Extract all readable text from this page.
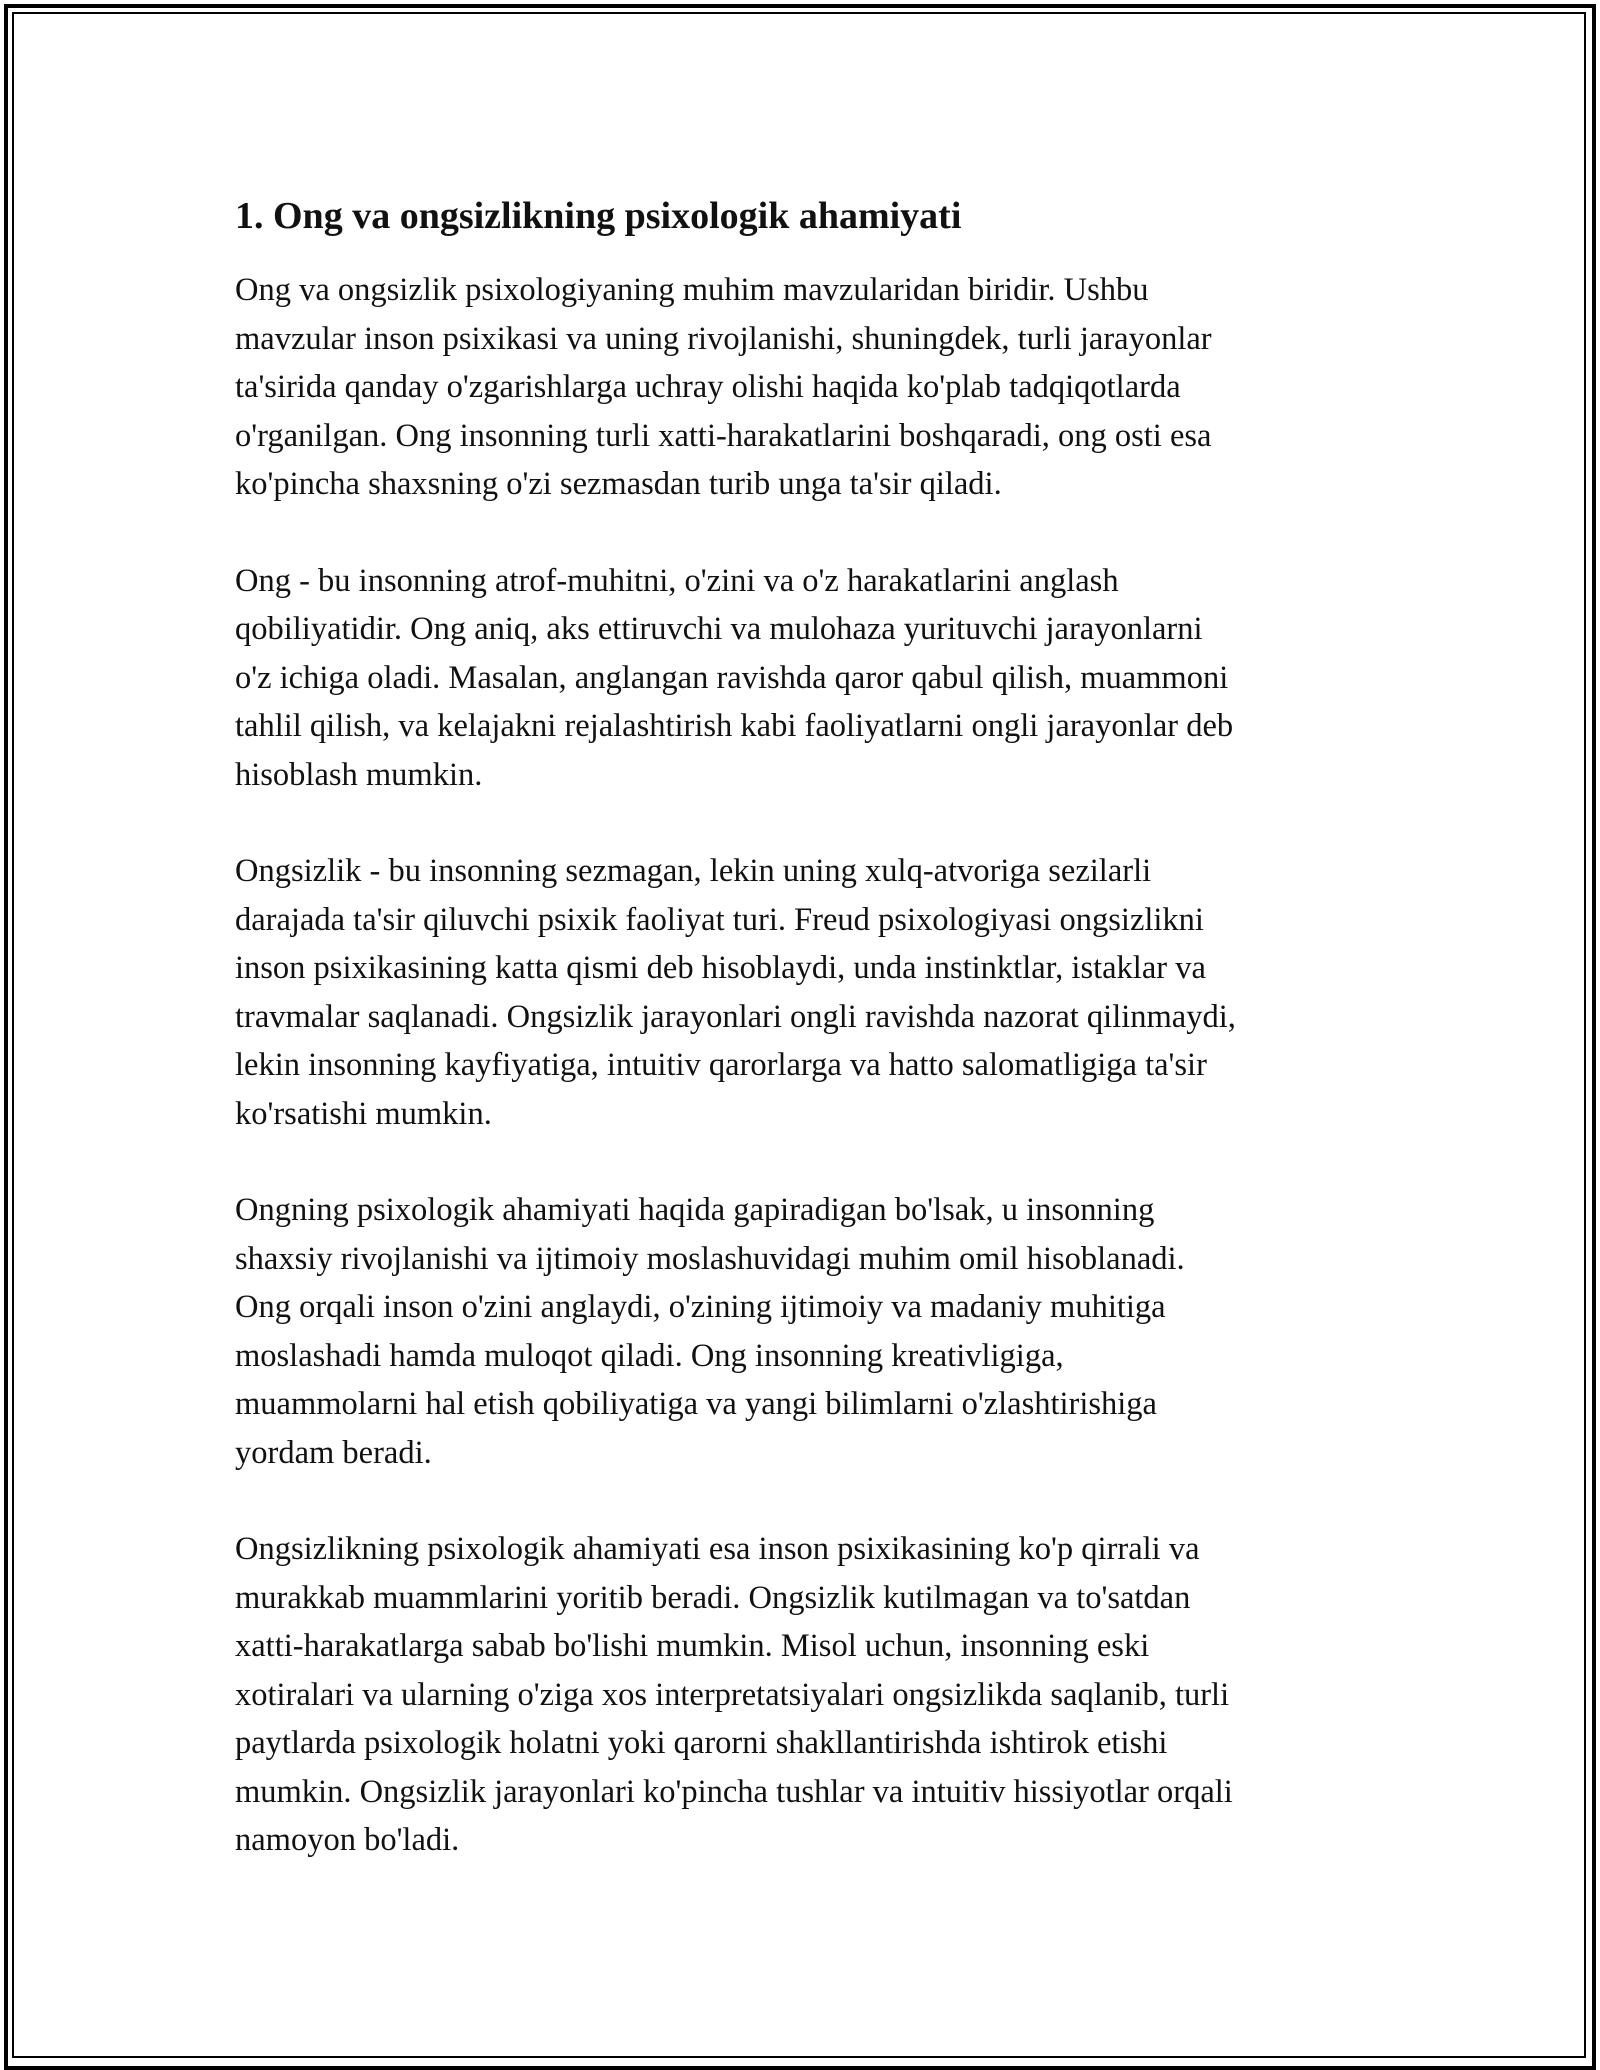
1. Ong va ongsizlikning psixologik ahamiyati

Ong va ongsizlik psixologiyaning muhim mavzularidan biridir. Ushbu
mavzular inson psixikasi va uning rivojlanishi, shuningdek, turli jarayonlar
ta'sirida qanday o'zgarishlarga uchray olishi haqida ko'plab tadqiqotlarda
o'rganilgan. Ong insonning turli xatti-harakatlarini boshqaradi, ong osti esa
ko'pincha shaxsning o'zi sezmasdan turib unga ta'sir qiladi.

Ong - bu insonning atrof-muhitni, o'zini va o'z harakatlarini anglash
qobiliyatidir. Ong aniq, aks ettiruvchi va mulohaza yurituvchi jarayonlarni
o'z ichiga oladi. Masalan, anglangan ravishda qaror qabul qilish, muammoni
tahlil qilish, va kelajakni rejalashtirish kabi faoliyatlarni ongli jarayonlar deb
hisoblash mumkin.

Ongsizlik - bu insonning sezmagan, lekin uning xulq-atvoriga sezilarli
darajada ta'sir qiluvchi psixik faoliyat turi. Freud psixologiyasi ongsizlikni
inson psixikasining katta qismi deb hisoblaydi, unda instinktlar, istaklar va
travmalar saqlanadi. Ongsizlik jarayonlari ongli ravishda nazorat qilinmaydi,
lekin insonning kayfiyatiga, intuitiv qarorlarga va hatto salomatligiga ta'sir
ko'rsatishi mumkin.

Ongning psixologik ahamiyati haqida gapiradigan bo'lsak, u insonning
shaxsiy rivojlanishi va ijtimoiy moslashuvidagi muhim omil hisoblanadi.
Ong orqali inson o'zini anglaydi, o'zining ijtimoiy va madaniy muhitiga
moslashadi hamda muloqot qiladi. Ong insonning kreativligiga,
muammolarni hal etish qobiliyatiga va yangi bilimlarni o'zlashtirishiga
yordam beradi.

Ongsizlikning psixologik ahamiyati esa inson psixikasining ko'p qirrali va
murakkab muammlarini yoritib beradi. Ongsizlik kutilmagan va to'satdan
xatti-harakatlarga sabab bo'lishi mumkin. Misol uchun, insonning eski
xotiralari va ularning o'ziga xos interpretatsiyalari ongsizlikda saqlanib, turli
paytlarda psixologik holatni yoki qarorni shakllantirishda ishtirok etishi
mumkin. Ongsizlik jarayonlari ko'pincha tushlar va intuitiv hissiyotlar orqali
namoyon bo'ladi.
